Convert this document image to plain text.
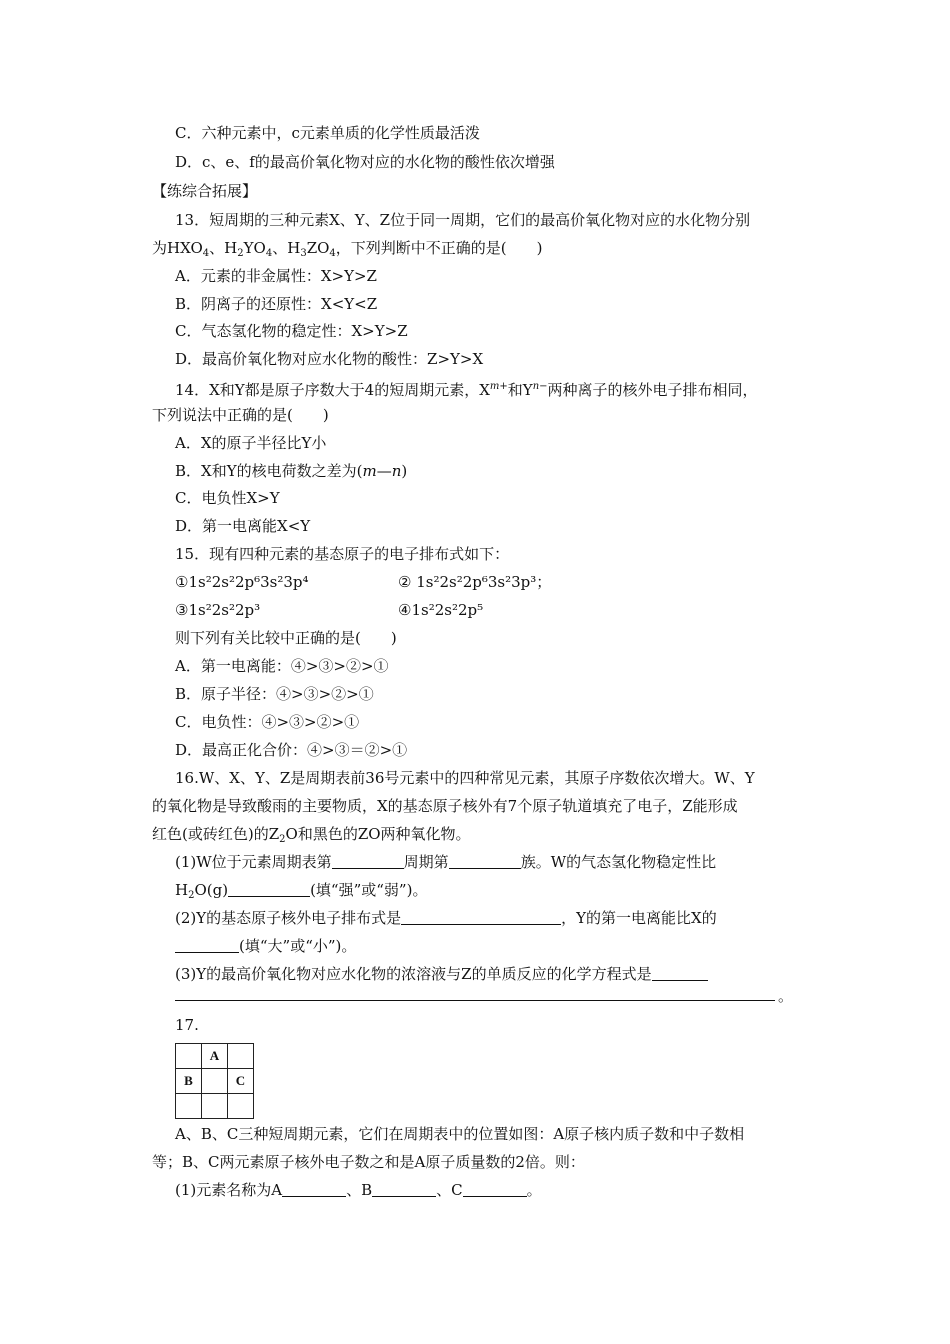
C．六种元素中，c元素单质的化学性质最活泼
D．c、e、f的最高价氧化物对应的水化物的酸性依次增强
【练综合拓展】
13．短周期的三种元素X、Y、Z位于同一周期，它们的最高价氧化物对应的水化物分别
为$HXO_4$、$H_2YO_4$、$H_3ZO_4$，下列判断中不正确的是(　　)
A．元素的非金属性：X>Y>Z
B．阴离子的还原性：X<Y<Z
C．气态氢化物的稳定性：X>Y>Z
D．最高价氧化物对应水化物的酸性：Z>Y>X
14．X和Y都是原子序数大于4的短周期元素，$X^{m+}$和$Y^{n-}$两种离子的核外电子排布相同，
下列说法中正确的是(　　)
A．X的原子半径比Y小
B．X和Y的核电荷数之差为(m—n)
C．电负性X>Y
D．第一电离能X<Y
15．现有四种元素的基态原子的电子排布式如下：
①1s²2s²2p⁶3s²3p⁴	② 1s²2s²2p⁶3s²3p³；
③1s²2s²2p³	④1s²2s²2p⁵
则下列有关比较中正确的是(　　)
A．第一电离能：④>③>②>①
B．原子半径：④>③>②>①
C．电负性：④>③>②>①
D．最高正化合价：④>③＝②>①
16.W、X、Y、Z是周期表前36号元素中的四种常见元素，其原子序数依次增大。W、Y
的氧化物是导致酸雨的主要物质，X的基态原子核外有7个原子轨道填充了电子，Z能形成
红色(或砖红色)的$Z_2O$和黑色的ZO两种氧化物。
(1)W位于元素周期表第	周期第	族。W的气态氢化物稳定性比
$H_2O(g)$	(填“强”或“弱”)。
(2)Y的基态原子核外电子排布式是	，Y的第一电离能比X的
(填“大”或“小”)。
(3)Y的最高价氧化物对应水化物的浓溶液与Z的单质反应的化学方程式是
。
17.
	A	
B		C

A、B、C三种短周期元素，它们在周期表中的位置如图：A原子核内质子数和中子数相
等；B、C两元素原子核外电子数之和是A原子质量数的2倍。则：
(1)元素名称为A	、B	、C	。
